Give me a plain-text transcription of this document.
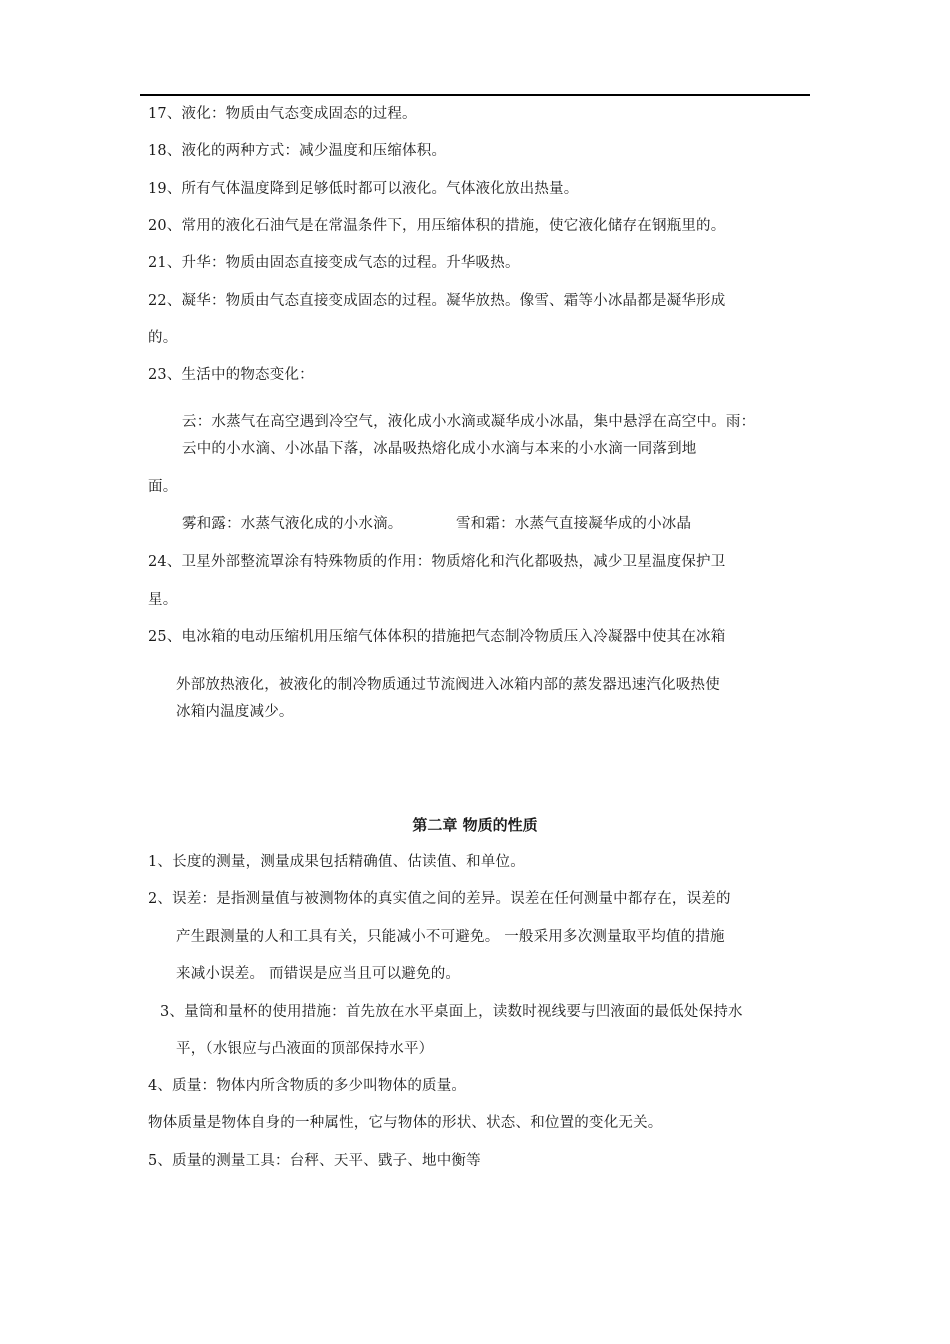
17、液化：物质由气态变成固态的过程。
18、液化的两种方式：减少温度和压缩体积。
19、所有气体温度降到足够低时都可以液化。气体液化放出热量。
20、常用的液化石油气是在常温条件下，用压缩体积的措施，使它液化储存在钢瓶里的。
21、升华：物质由固态直接变成气态的过程。升华吸热。
22、凝华：物质由气态直接变成固态的过程。凝华放热。像雪、霜等小冰晶都是凝华形成
的。
23、生活中的物态变化：
云：水蒸气在高空遇到冷空气，液化成小水滴或凝华成小冰晶，集中悬浮在高空中。雨：
云中的小水滴、小冰晶下落，冰晶吸热熔化成小水滴与本来的小水滴一同落到地
面。
雾和露：水蒸气液化成的小水滴。	雪和霜：水蒸气直接凝华成的小冰晶
24、卫星外部整流罩涂有特殊物质的作用：物质熔化和汽化都吸热，减少卫星温度保护卫
星。
25、电冰箱的电动压缩机用压缩气体体积的措施把气态制冷物质压入冷凝器中使其在冰箱
外部放热液化，被液化的制冷物质通过节流阀进入冰箱内部的蒸发器迅速汽化吸热使
冰箱内温度减少。
第二章 物质的性质
1、长度的测量，测量成果包括精确值、估读值、和单位。
2、误差：是指测量值与被测物体的真实值之间的差异。误差在任何测量中都存在，误差的
产生跟测量的人和工具有关，只能减小不可避免。 一般采用多次测量取平均值的措施
来减小误差。 而错误是应当且可以避免的。
3、量筒和量杯的使用措施：首先放在水平桌面上，读数时视线要与凹液面的最低处保持水
平，（水银应与凸液面的顶部保持水平）
4、质量：物体内所含物质的多少叫物体的质量。
物体质量是物体自身的一种属性，它与物体的形状、状态、和位置的变化无关。
5、质量的测量工具：台秤、天平、戥子、地中衡等
